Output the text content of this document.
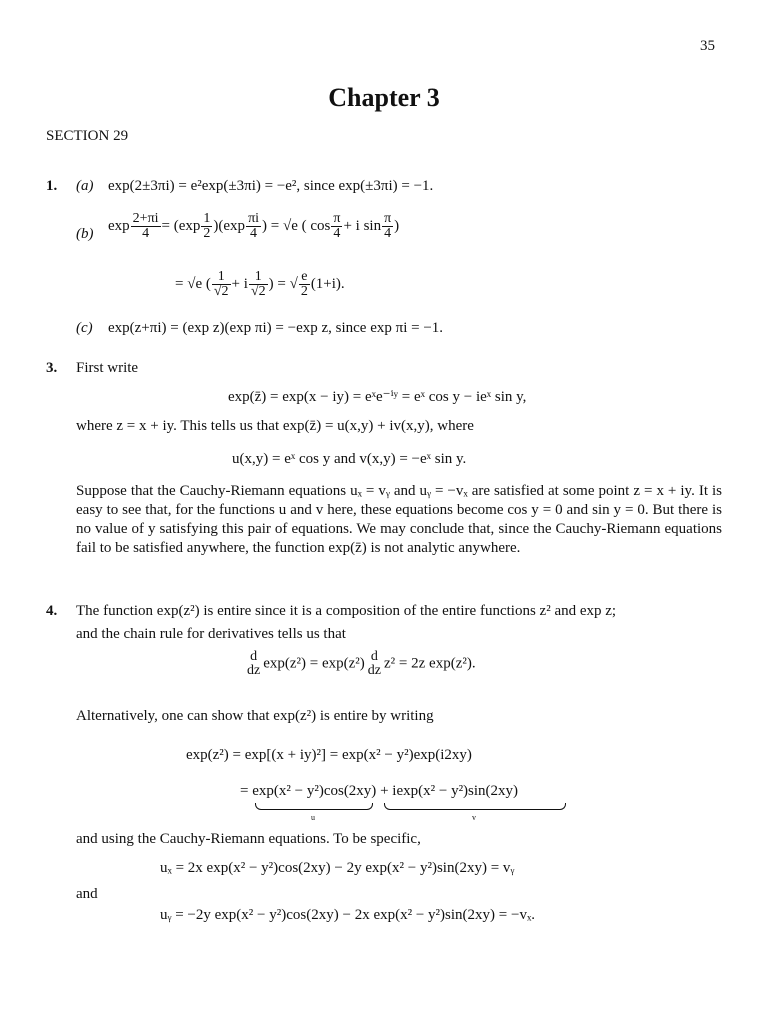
35
Chapter 3
SECTION 29
1. (a) exp(2±3πi) = e²exp(±3πi) = −e², since exp(±3πi) = −1.
(b)
$\exp \frac{2+\pi i}{4} = (\exp \frac{1}{2} )(\exp \frac{\pi i}{4}$ ) = √e ( $\cos \frac{\pi}{4} + i$ $\sin \frac{\pi}{4}$ )
= √e ( $\frac{1}{√2} + i \frac{1}{√2}$ ) = √ $\frac{e}{2} (1+i)$.
(c) exp(z+πi) = (exp z)(exp πi) = −exp z, since exp πi = −1.
3. First write
exp(z̄) = exp(x − iy) = eˣe⁻ⁱʸ = eˣ cos y − ieˣ sin y,
where z = x + iy. This tells us that exp(z̄) = u(x,y) + iv(x,y), where
u(x,y) = eˣ cos y and v(x,y) = −eˣ sin y.
Suppose that the Cauchy-Riemann equations uₓ = vᵧ and uᵧ = −vₓ are satisfied at some point z = x + iy. It is easy to see that, for the functions u and v here, these equations become cos y = 0 and sin y = 0. But there is no value of y satisfying this pair of equations. We may conclude that, since the Cauchy-Riemann equations fail to be satisfied anywhere, the function exp(z̄) is not analytic anywhere.
4. The function exp(z²) is entire since it is a composition of the entire functions z² and exp z;
and the chain rule for derivatives tells us that
d
dz exp(z²) = exp(z²) d
dz z² = 2z exp(z²).
Alternatively, one can show that exp(z²) is entire by writing
exp(z²) = exp[(x + iy)²] = exp(x² − y²)exp(i2xy)
= exp(x² − y²)cos(2xy) + iexp(x² − y²)sin(2xy)
u	v
and using the Cauchy-Riemann equations. To be specific,
uₓ = 2x exp(x² − y²)cos(2xy) − 2y exp(x² − y²)sin(2xy) = vᵧ
and
uᵧ = −2y exp(x² − y²)cos(2xy) − 2x exp(x² − y²)sin(2xy) = −vₓ.
